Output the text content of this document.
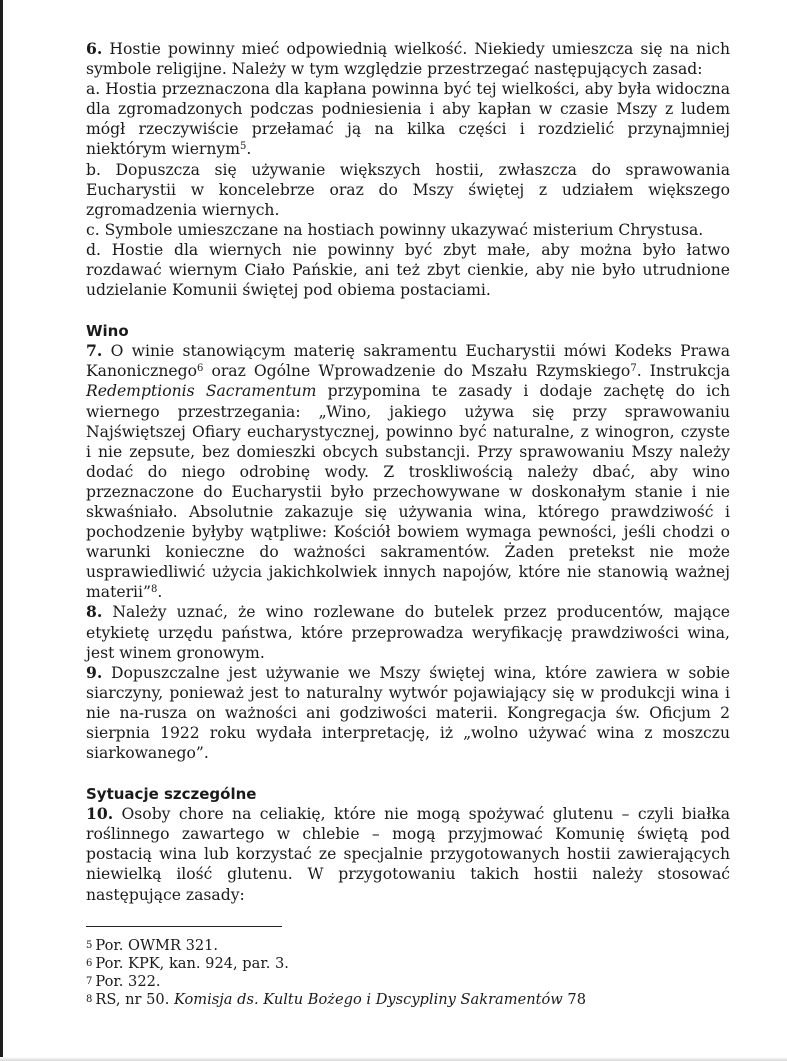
6. Hostie powinny mieć odpowiednią wielkość. Niekiedy umieszcza się na nich symbole religijne. Należy w tym względzie przestrzegać następujących zasad:

a. Hostia przeznaczona dla kapłana powinna być tej wielkości, aby była widoczna dla zgromadzonych podczas podniesienia i aby kapłan w czasie Mszy z ludem mógł rzeczywiście przełamać ją na kilka części i rozdzielić przynajmniej niektórym wiernym$^5$.

b. Dopuszcza się używanie większych hostii, zwłaszcza do sprawowania Eucharystii w koncelebrze oraz do Mszy świętej z udziałem większego zgromadzenia wiernych.

c. Symbole umieszczane na hostiach powinny ukazywać misterium Chrystusa.

d. Hostie dla wiernych nie powinny być zbyt małe, aby można było łatwo rozdawać wiernym Ciało Pańskie, ani też zbyt cienkie, aby nie było utrudnione udzielanie Komunii świętej pod obiema postaciami.

Wino

7. O winie stanowiącym materię sakramentu Eucharystii mówi Kodeks Prawa Kanonicznego$^6$ oraz Ogólne Wprowadzenie do Mszału Rzymskiego$^7$. Instrukcja Redemptionis Sacramentum przypomina te zasady i dodaje zachętę do ich wiernego przestrzegania: „Wino, jakiego używa się przy sprawowaniu Najświętszej Ofiary eucharystycznej, powinno być naturalne, z winogron, czyste i nie zepsute, bez domieszki obcych substancji. Przy sprawowaniu Mszy należy dodać do niego odrobinę wody. Z troskliwością należy dbać, aby wino przeznaczone do Eucharystii było przechowywane w doskonałym stanie i nie skwaśniało. Absolutnie zakazuje się używania wina, którego prawdziwość i pochodzenie byłyby wątpliwe: Kościół bowiem wymaga pewności, jeśli chodzi o warunki konieczne do ważności sakramentów. Żaden pretekst nie może usprawiedliwić użycia jakichkolwiek innych napojów, które nie stanowią ważnej materii”$^8$.

8. Należy uznać, że wino rozlewane do butelek przez producentów, mające etykietę urzędu państwa, które przeprowadza weryfikację prawdziwości wina, jest winem gronowym.

9. Dopuszczalne jest używanie we Mszy świętej wina, które zawiera w sobie siarczyny, ponieważ jest to naturalny wytwór pojawiający się w produkcji wina i nie na-rusza on ważności ani godziwości materii. Kongregacja św. Oficjum 2 sierpnia 1922 roku wydała interpretację, iż „wolno używać wina z moszczu siarkowanego”.

Sytuacje szczególne

10. Osoby chore na celiakię, które nie mogą spożywać glutenu – czyli białka roślinnego zawartego w chlebie – mogą przyjmować Komunię świętą pod postacią wina lub korzystać ze specjalnie przygotowanych hostii zawierających niewielką ilość glutenu. W przygotowaniu takich hostii należy stosować następujące zasady:

5 Por. OWMR 321.
6 Por. KPK, kan. 924, par. 3.
7 Por. 322.
8 RS, nr 50. Komisja ds. Kultu Bożego i Dyscypliny Sakramentów 78
